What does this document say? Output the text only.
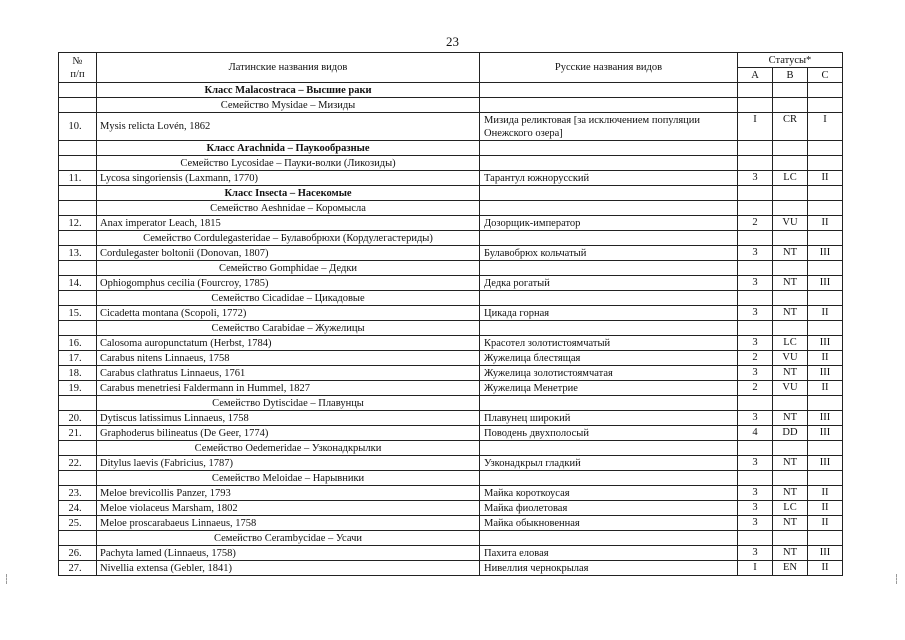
23
№
п/п	Латинские названия видов	Русские названия видов	Статусы*		
			А	В	С
	Класс Malacostraca – Высшие раки				
	Семейство Mysidae – Мизиды				
10.	Mysis relicta Lovén, 1862	Мизида реликтовая [за исключением популяции Онежского озера]	I	CR	I
	Класс Arachnida – Паукообразные				
	Семейство Lycosidae – Пауки-волки (Ликозиды)				
11.	Lycosa singoriensis (Laxmann, 1770)	Тарантул южнорусский	3	LC	II
	Класс Insecta – Насекомые				
	Семейство Aeshnidae – Коромысла				
12.	Anax imperator Leach, 1815	Дозорщик-император	2	VU	II
	Семейство Cordulegasteridae – Булавобрюхи (Кордулегастериды)				
13.	Cordulegaster boltonii (Donovan, 1807)	Булавобрюх кольчатый	3	NT	III
	Семейство Gomphidae – Дедки				
14.	Ophiogomphus cecilia (Fourcroy, 1785)	Дедка рогатый	3	NT	III
	Семейство Cicadidae – Цикадовые				
15.	Cicadetta montana (Scopoli, 1772)	Цикада горная	3	NT	II
	Семейство Carabidae – Жужелицы				
16.	Calosoma auropunctatum (Herbst, 1784)	Красотел золотистоямчатый	3	LC	III
17.	Carabus nitens Linnaeus, 1758	Жужелица блестящая	2	VU	II
18.	Carabus clathratus Linnaeus, 1761	Жужелица золотистоямчатая	3	NT	III
19.	Carabus menetriesi Faldermann in Hummel, 1827	Жужелица Менетрие	2	VU	II
	Семейство Dytiscidae – Плавунцы				
20.	Dytiscus latissimus Linnaeus, 1758	Плавунец широкий	3	NT	III
21.	Graphoderus bilineatus (De Geer, 1774)	Поводень двухполосый	4	DD	III
	Семейство Oedemeridae – Узконадкрылки				
22.	Ditylus laevis (Fabricius, 1787)	Узконадкрыл гладкий	3	NT	III
	Семейство Meloidae – Нарывники				
23.	Meloe brevicollis Panzer, 1793	Майка короткоусая	3	NT	II
24.	Meloe violaceus Marsham, 1802	Майка фиолетовая	3	LC	II
25.	Meloe proscarabaeus Linnaeus, 1758	Майка обыкновенная	3	NT	II
	Семейство Cerambycidae – Усачи				
26.	Pachyta lamed (Linnaeus, 1758)	Пахита еловая	3	NT	III
27.	Nivellia extensa (Gebler, 1841)	Нивеллия чернокрылая	I	EN	II
